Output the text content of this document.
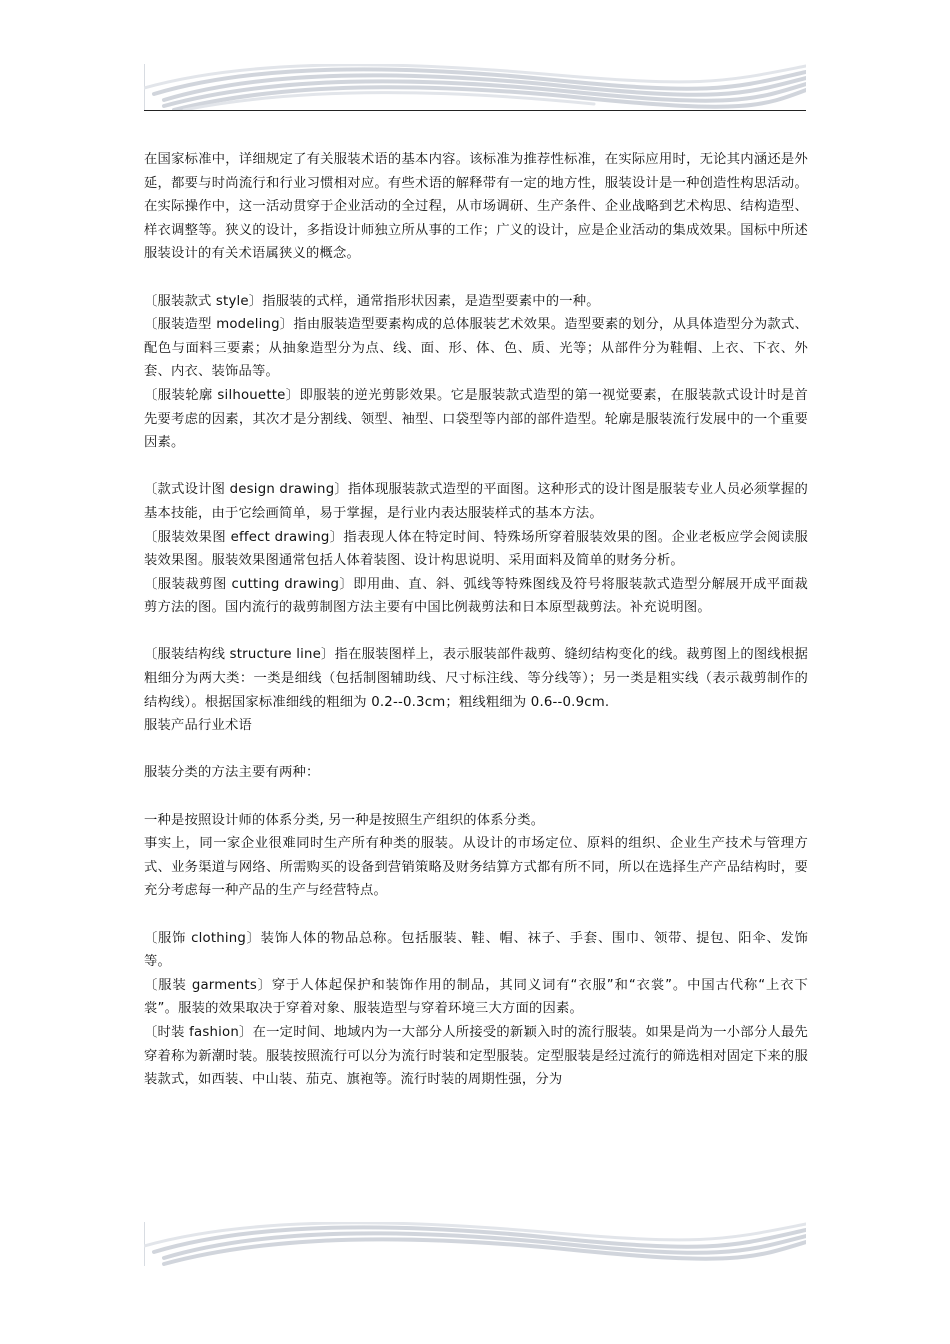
在国家标准中，详细规定了有关服装术语的基本内容。该标准为推荐性标准，在实际应用时，无论其内涵还是外延，都要与时尚流行和行业习惯相对应。有些术语的解释带有一定的地方性，服装设计是一种创造性构思活动。在实际操作中，这一活动贯穿于企业活动的全过程，从市场调研、生产条件、企业战略到艺术构思、结构造型、样衣调整等。狭义的设计，多指设计师独立所从事的工作；广义的设计，应是企业活动的集成效果。国标中所述服装设计的有关术语属狭义的概念。

〔服装款式 style〕指服装的式样，通常指形状因素，是造型要素中的一种。

〔服装造型 modeling〕指由服装造型要素构成的总体服装艺术效果。造型要素的划分，从具体造型分为款式、配色与面料三要素；从抽象造型分为点、线、面、形、体、色、质、光等；从部件分为鞋帽、上衣、下衣、外套、内衣、装饰品等。

〔服装轮廓 silhouette〕即服装的逆光剪影效果。它是服装款式造型的第一视觉要素，在服装款式设计时是首先要考虑的因素，其次才是分割线、领型、袖型、口袋型等内部的部件造型。轮廓是服装流行发展中的一个重要因素。

〔款式设计图 design drawing〕指体现服装款式造型的平面图。这种形式的设计图是服装专业人员必须掌握的基本技能，由于它绘画简单，易于掌握，是行业内表达服装样式的基本方法。

〔服装效果图 effect drawing〕指表现人体在特定时间、特殊场所穿着服装效果的图。企业老板应学会阅读服装效果图。服装效果图通常包括人体着装图、设计构思说明、采用面料及简单的财务分析。

〔服装裁剪图 cutting drawing〕即用曲、直、斜、弧线等特殊图线及符号将服装款式造型分解展开成平面裁剪方法的图。国内流行的裁剪制图方法主要有中国比例裁剪法和日本原型裁剪法。补充说明图。

〔服装结构线 structure line〕指在服装图样上，表示服装部件裁剪、缝纫结构变化的线。裁剪图上的图线根据粗细分为两大类：一类是细线（包括制图辅助线、尺寸标注线、等分线等）；另一类是粗实线（表示裁剪制作的结构线）。根据国家标准细线的粗细为 0.2--0.3cm；粗线粗细为 0.6--0.9cm.

服装产品行业术语

服装分类的方法主要有两种：

一种是按照设计师的体系分类, 另一种是按照生产组织的体系分类。

事实上，同一家企业很难同时生产所有种类的服装。从设计的市场定位、原料的组织、企业生产技术与管理方式、业务渠道与网络、所需购买的设备到营销策略及财务结算方式都有所不同，所以在选择生产产品结构时，要充分考虑每一种产品的生产与经营特点。

〔服饰 clothing〕装饰人体的物品总称。包括服装、鞋、帽、袜子、手套、围巾、领带、提包、阳伞、发饰等。

〔服装 garments〕穿于人体起保护和装饰作用的制品，其同义词有“衣服”和“衣裳”。中国古代称“上衣下裳”。服装的效果取决于穿着对象、服装造型与穿着环境三大方面的因素。

〔时装 fashion〕在一定时间、地域内为一大部分人所接受的新颖入时的流行服装。如果是尚为一小部分人最先穿着称为新潮时装。服装按照流行可以分为流行时装和定型服装。定型服装是经过流行的筛选相对固定下来的服装款式，如西装、中山装、茄克、旗袍等。流行时装的周期性强，分为
